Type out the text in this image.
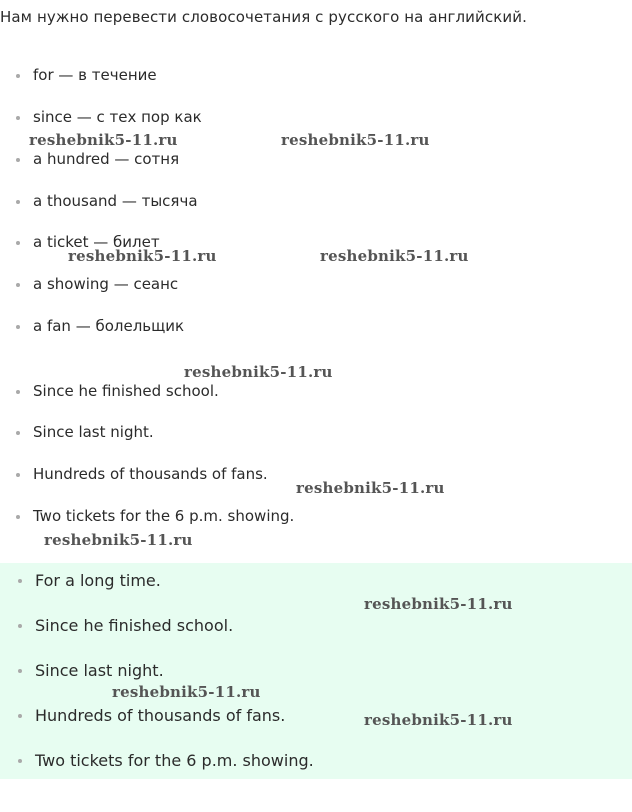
Нам нужно перевести словосочетания с русского на английский.
for — в течение
since — с тех пор как
a hundred — сотня
a thousand — тысяча
a ticket — билет
a showing — сеанс
a fan — болельщик
Since he finished school.
Since last night.
Hundreds of thousands of fans.
Two tickets for the 6 p.m. showing.
For a long time.
Since he finished school.
Since last night.
Hundreds of thousands of fans.
Two tickets for the 6 p.m. showing.
reshebnik5-11.ru	reshebnik5-11.ru
reshebnik5-11.ru	reshebnik5-11.ru
reshebnik5-11.ru
reshebnik5-11.ru
reshebnik5-11.ru
reshebnik5-11.ru
reshebnik5-11.ru
reshebnik5-11.ru
